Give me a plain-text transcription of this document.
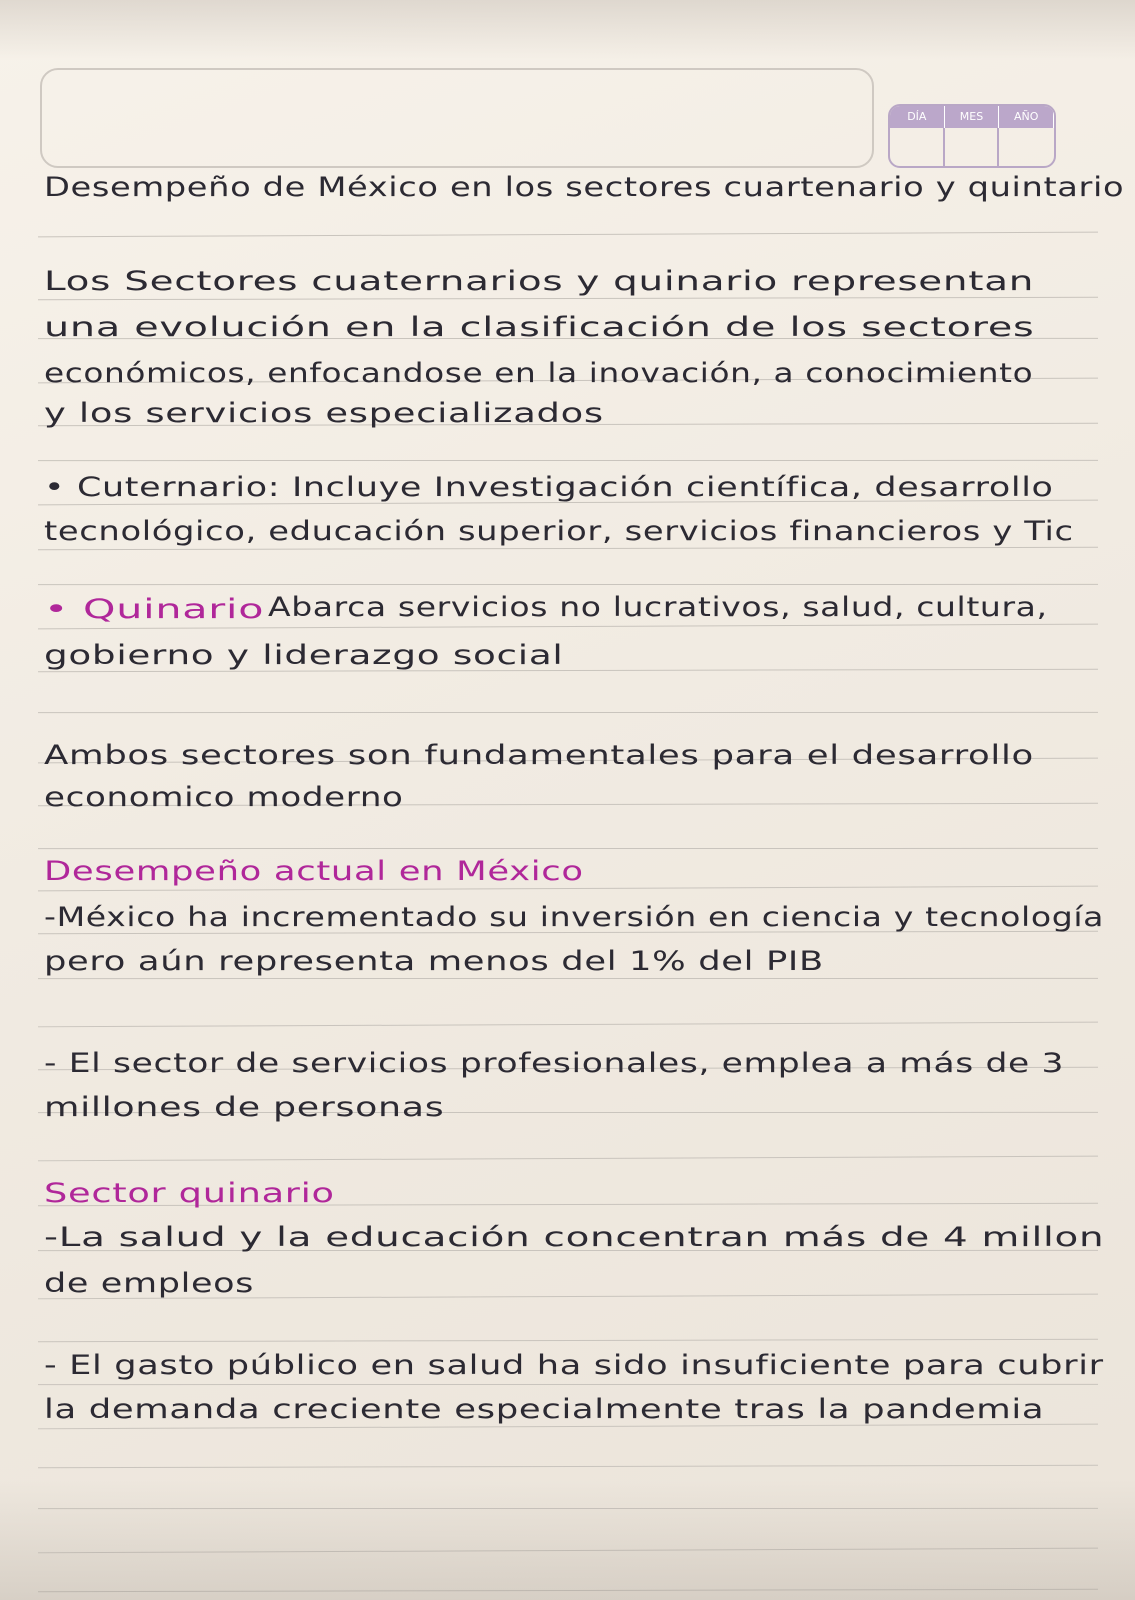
DÍA	MES	AÑO

Desempeño de México en los sectores cuartenario y quintario

Los Sectores cuaternarios y quinario representan

una evolución en la clasificación de los sectores

económicos, enfocandose en la inovación, a conocimiento

y los servicios especializados

• Cuternario: Incluye Investigación científica, desarrollo

tecnológico, educación superior, servicios financieros y Tic

• Quinario Abarca servicios no lucrativos, salud, cultura,

gobierno y liderazgo social

Ambos sectores son fundamentales para el desarrollo

economico moderno

Desempeño actual en México

-México ha incrementado su inversión en ciencia y tecnología

pero aún representa menos del 1% del PIB

- El sector de servicios profesionales, emplea a más de 3

millones de personas

Sector quinario

-La salud y la educación concentran más de 4 millon

de empleos

- El gasto público en salud ha sido insuficiente para cubrir

la demanda creciente especialmente tras la pandemia
